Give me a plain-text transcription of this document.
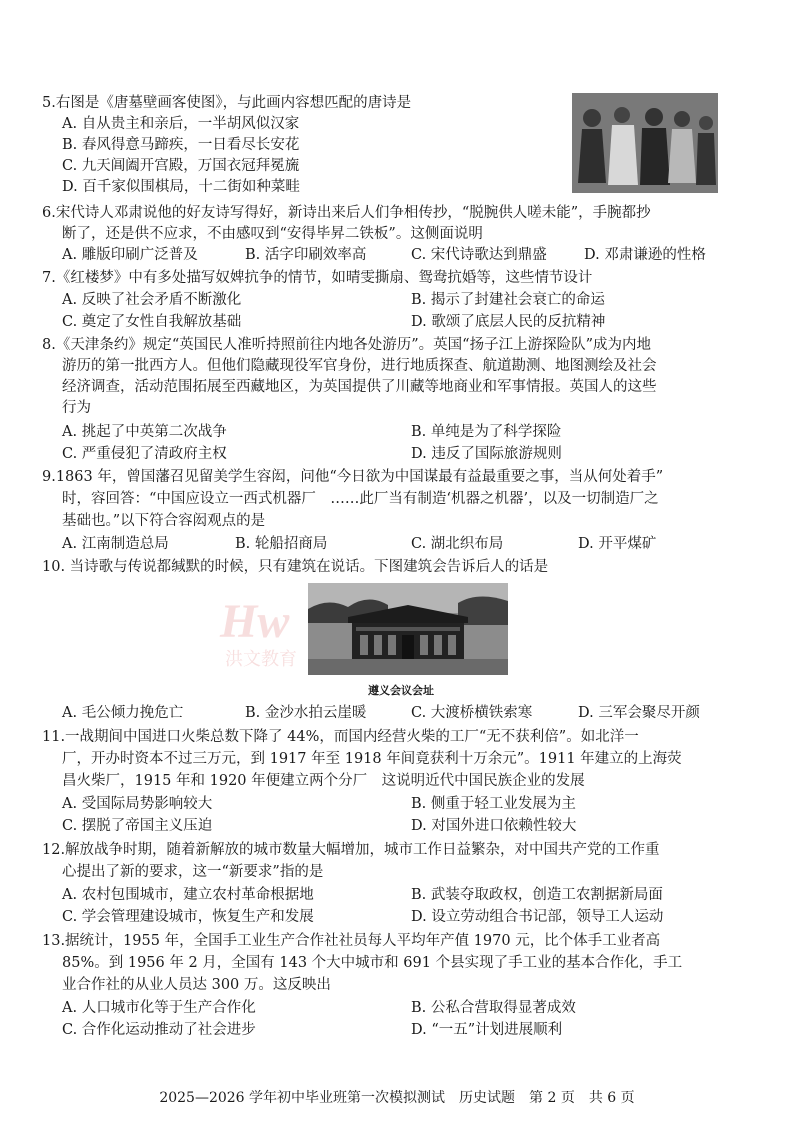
Hw
洪文教育
5.右图是《唐墓壁画客使图》，与此画内容想匹配的唐诗是
A. 自从贵主和亲后，一半胡风似汉家
B. 春风得意马蹄疾，一日看尽长安花
C. 九天阊阖开宫殿，万国衣冠拜冕旒
D. 百千家似围棋局，十二街如种菜畦
6.宋代诗人邓肃说他的好友诗写得好，新诗出来后人们争相传抄，“脱腕供人嗟未能”，手腕都抄
断了，还是供不应求，不由感叹到“安得毕昇二铁板”。这侧面说明
A. 雕版印刷广泛普及	B. 活字印刷效率高	C. 宋代诗歌达到鼎盛	D. 邓肃谦逊的性格
7.《红楼梦》中有多处描写奴婢抗争的情节，如晴雯撕扇、鸳鸯抗婚等，这些情节设计
A. 反映了社会矛盾不断激化	B. 揭示了封建社会衰亡的命运
C. 奠定了女性自我解放基础	D. 歌颂了底层人民的反抗精神
8.《天津条约》规定“英国民人准听持照前往内地各处游历”。英国“扬子江上游探险队”成为内地
游历的第一批西方人。但他们隐藏现役军官身份，进行地质探查、航道勘测、地图测绘及社会
经济调查，活动范围拓展至西藏地区，为英国提供了川藏等地商业和军事情报。英国人的这些
行为
A. 挑起了中英第二次战争	B. 单纯是为了科学探险
C. 严重侵犯了清政府主权	D. 违反了国际旅游规则
9.1863 年，曾国藩召见留美学生容闳，问他“今日欲为中国谋最有益最重要之事，当从何处着手”
时，容回答：“中国应设立一西式机器厂　……此厂当有制造‘机器之机器’，以及一切制造厂之
基础也。”以下符合容闳观点的是
A. 江南制造总局	B. 轮船招商局	C. 湖北织布局	D. 开平煤矿
10. 当诗歌与传说都缄默的时候，只有建筑在说话。下图建筑会告诉后人的话是
遵义会议会址
A. 毛公倾力挽危亡	B. 金沙水拍云崖暖	C. 大渡桥横铁索寒	D. 三军会聚尽开颜
11.一战期间中国进口火柴总数下降了 44%，而国内经营火柴的工厂“无不获利倍”。如北洋一
厂，开办时资本不过三万元，到 1917 年至 1918 年间竟获利十万余元”。1911 年建立的上海荧
昌火柴厂，1915 年和 1920 年便建立两个分厂　这说明近代中国民族企业的发展
A. 受国际局势影响较大	B. 侧重于轻工业发展为主
C. 摆脱了帝国主义压迫	D. 对国外进口依赖性较大
12.解放战争时期，随着新解放的城市数量大幅增加，城市工作日益繁杂，对中国共产党的工作重
心提出了新的要求，这一“新要求”指的是
A. 农村包围城市，建立农村革命根据地	B. 武装夺取政权，创造工农割据新局面
C. 学会管理建设城市，恢复生产和发展	D. 设立劳动组合书记部，领导工人运动
13.据统计，1955 年，全国手工业生产合作社社员每人平均年产值 1970 元，比个体手工业者高
85%。到 1956 年 2 月，全国有 143 个大中城市和 691 个县实现了手工业的基本合作化，手工
业合作社的从业人员达 300 万。这反映出
A. 人口城市化等于生产合作化	B. 公私合营取得显著成效
C. 合作化运动推动了社会进步	D. “一五”计划进展顺利
2025—2026 学年初中毕业班第一次模拟测试　历史试题　第 2 页　共 6 页
